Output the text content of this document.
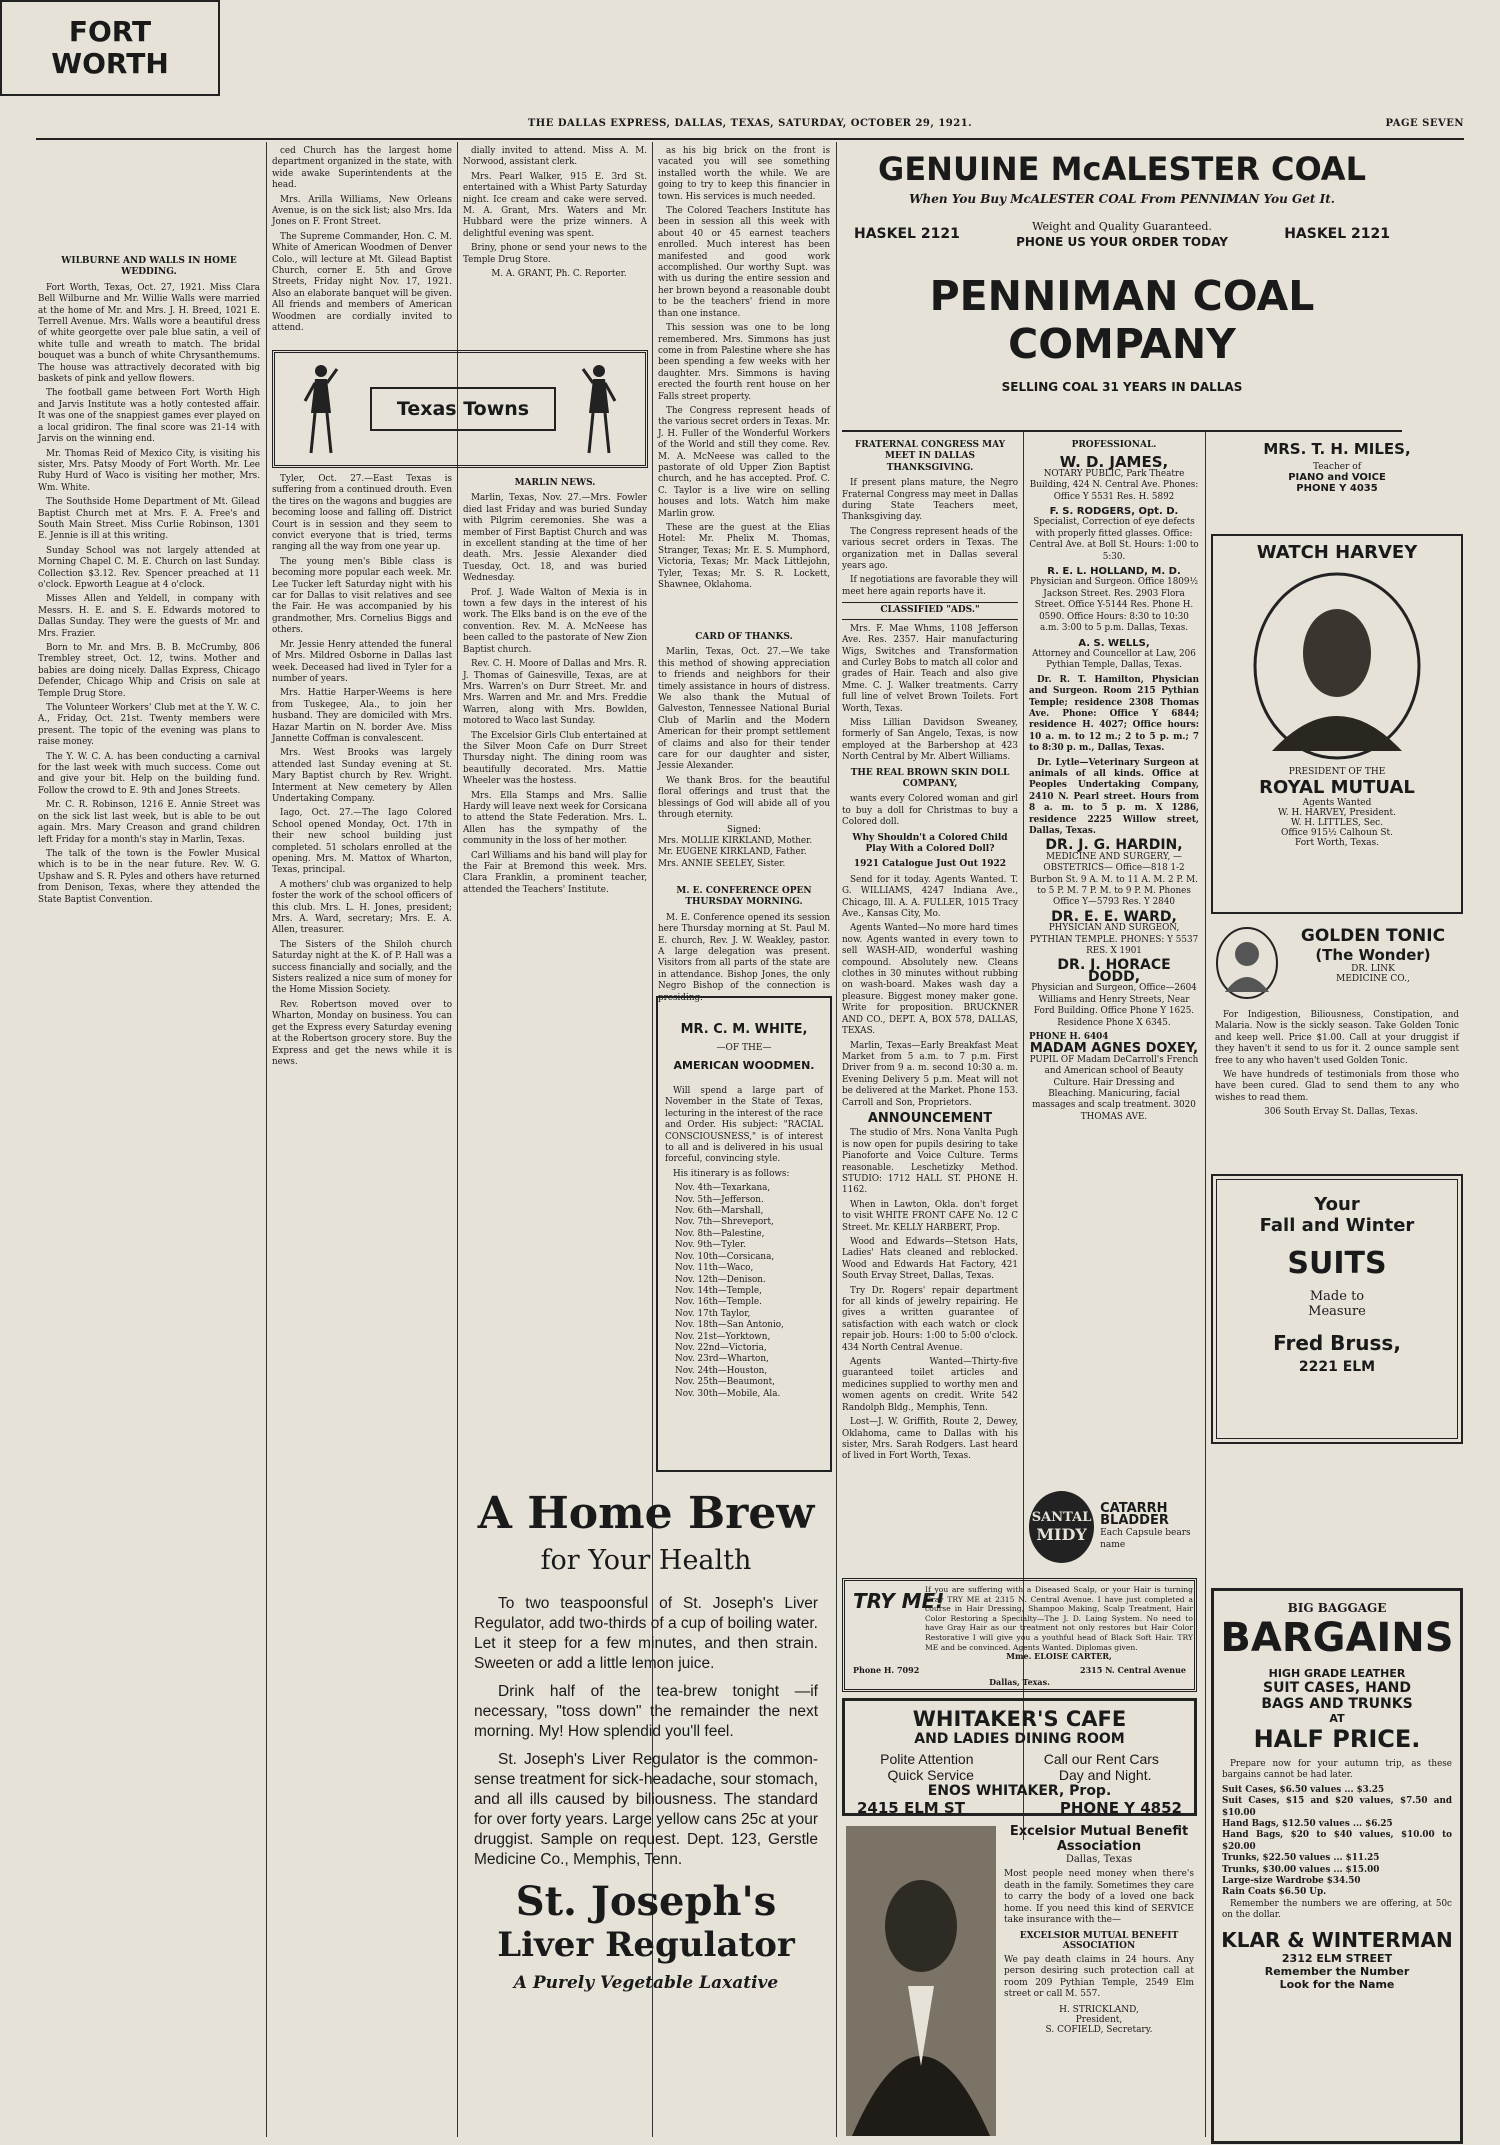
THE DALLAS EXPRESS, DALLAS, TEXAS, SATURDAY, OCTOBER 29, 1921.	PAGE SEVEN
FORT
WORTH
WILBURNE AND WALLS IN HOME WEDDING.

Fort Worth, Texas, Oct. 27, 1921. Miss Clara Bell Wilburne and Mr. Willie Walls were married at the home of Mr. and Mrs. J. H. Breed, 1021 E. Terrell Avenue. Mrs. Walls wore a beautiful dress of white georgette over pale blue satin, a veil of white tulle and wreath to match. The bridal bouquet was a bunch of white Chrysanthemums. The house was attractively decorated with big baskets of pink and yellow flowers.

The football game between Fort Worth High and Jarvis Institute was a hotly contested affair. It was one of the snappiest games ever played on a local gridiron. The final score was 21-14 with Jarvis on the winning end.

Mr. Thomas Reid of Mexico City, is visiting his sister, Mrs. Patsy Moody of Fort Worth. Mr. Lee Ruby Hurd of Waco is visiting her mother, Mrs. Wm. White.

The Southside Home Department of Mt. Gilead Baptist Church met at Mrs. F. A. Free's and South Main Street. Miss Curlie Robinson, 1301 E. Jennie is ill at this writing.

Sunday School was not largely attended at Morning Chapel C. M. E. Church on last Sunday. Collection $3.12. Rev. Spencer preached at 11 o'clock. Epworth League at 4 o'clock.

Misses Allen and Yeldell, in company with Messrs. H. E. and S. E. Edwards motored to Dallas Sunday. They were the guests of Mr. and Mrs. Frazier.

Born to Mr. and Mrs. B. B. McCrumby, 806 Trembley street, Oct. 12, twins. Mother and babies are doing nicely. Dallas Express, Chicago Defender, Chicago Whip and Crisis on sale at Temple Drug Store.

The Volunteer Workers' Club met at the Y. W. C. A., Friday, Oct. 21st. Twenty members were present. The topic of the evening was plans to raise money.

The Y. W. C. A. has been conducting a carnival for the last week with much success. Come out and give your bit. Help on the building fund. Follow the crowd to E. 9th and Jones Streets.

Mr. C. R. Robinson, 1216 E. Annie Street was on the sick list last week, but is able to be out again. Mrs. Mary Creason and grand children left Friday for a month's stay in Marlin, Texas.

The talk of the town is the Fowler Musical which is to be in the near future. Rev. W. G. Upshaw and S. R. Pyles and others have returned from Denison, Texas, where they attended the State Baptist Convention.

ced Church has the largest home department organized in the state, with wide awake Superintendents at the head.

Mrs. Arilla Williams, New Orleans Avenue, is on the sick list; also Mrs. Ida Jones on F. Front Street.

The Supreme Commander, Hon. C. M. White of American Woodmen of Denver Colo., will lecture at Mt. Gilead Baptist Church, corner E. 5th and Grove Streets, Friday night Nov. 17, 1921. Also an elaborate banquet will be given. All friends and members of American Woodmen are cordially invited to attend.

dially invited to attend. Miss A. M. Norwood, assistant clerk.

Mrs. Pearl Walker, 915 E. 3rd St. entertained with a Whist Party Saturday night. Ice cream and cake were served. M. A. Grant, Mrs. Waters and Mr. Hubbard were the prize winners. A delightful evening was spent.

Briny, phone or send your news to the Temple Drug Store.

M. A. GRANT, Ph. C. Reporter.

Texas Towns

Tyler, Oct. 27.—East Texas is suffering from a continued drouth. Even the tires on the wagons and buggies are becoming loose and falling off. District Court is in session and they seem to convict everyone that is tried, terms ranging all the way from one year up.

The young men's Bible class is becoming more popular each week. Mr. Lee Tucker left Saturday night with his car for Dallas to visit relatives and see the Fair. He was accompanied by his grandmother, Mrs. Cornelius Biggs and others.

Mr. Jessie Henry attended the funeral of Mrs. Mildred Osborne in Dallas last week. Deceased had lived in Tyler for a number of years.

Mrs. Hattie Harper-Weems is here from Tuskegee, Ala., to join her husband. They are domiciled with Mrs. Hazar Martin on N. border Ave. Miss Jannette Coffman is convalescent.

Mrs. West Brooks was largely attended last Sunday evening at St. Mary Baptist church by Rev. Wright. Interment at New cemetery by Allen Undertaking Company.

Iago, Oct. 27.—The Iago Colored School opened Monday, Oct. 17th in their new school building just completed. 51 scholars enrolled at the opening. Mrs. M. Mattox of Wharton, Texas, principal.

A mothers' club was organized to help foster the work of the school officers of this club. Mrs. L. H. Jones, president; Mrs. A. Ward, secretary; Mrs. E. A. Allen, treasurer.

The Sisters of the Shiloh church Saturday night at the K. of P. Hall was a success financially and socially, and the Sisters realized a nice sum of money for the Home Mission Society.

Rev. Robertson moved over to Wharton, Monday on business. You can get the Express every Saturday evening at the Robertson grocery store. Buy the Express and get the news while it is news.

MARLIN NEWS.

Marlin, Texas, Nov. 27.—Mrs. Fowler died last Friday and was buried Sunday with Pilgrim ceremonies. She was a member of First Baptist Church and was in excellent standing at the time of her death. Mrs. Jessie Alexander died Tuesday, Oct. 18, and was buried Wednesday.

Prof. J. Wade Walton of Mexia is in town a few days in the interest of his work. The Elks band is on the eve of the convention. Rev. M. A. McNeese has been called to the pastorate of New Zion Baptist church.

Rev. C. H. Moore of Dallas and Mrs. R. J. Thomas of Gainesville, Texas, are at Mrs. Warren's on Durr Street. Mr. and Mrs. Warren and Mr. and Mrs. Freddie Warren, along with Mrs. Bowlden, motored to Waco last Sunday.

The Excelsior Girls Club entertained at the Silver Moon Cafe on Durr Street Thursday night. The dining room was beautifully decorated. Mrs. Mattie Wheeler was the hostess.

Mrs. Ella Stamps and Mrs. Sallie Hardy will leave next week for Corsicana to attend the State Federation. Mrs. L. Allen has the sympathy of the community in the loss of her mother.

Carl Williams and his band will play for the Fair at Bremond this week. Mrs. Clara Franklin, a prominent teacher, attended the Teachers' Institute.

as his big brick on the front is vacated you will see something installed worth the while. We are going to try to keep this financier in town. His services is much needed.

The Colored Teachers Institute has been in session all this week with about 40 or 45 earnest teachers enrolled. Much interest has been manifested and good work accomplished. Our worthy Supt. was with us during the entire session and her brown beyond a reasonable doubt to be the teachers' friend in more than one instance.

This session was one to be long remembered. Mrs. Simmons has just come in from Palestine where she has been spending a few weeks with her daughter. Mrs. Simmons is having erected the fourth rent house on her Falls street property.

The Congress represent heads of the various secret orders in Texas. Mr. J. H. Fuller of the Wonderful Workers of the World and still they come. Rev. M. A. McNeese was called to the pastorate of old Upper Zion Baptist church, and he has accepted. Prof. C. C. Taylor is a live wire on selling houses and lots. Watch him make Marlin grow.

These are the guest at the Elias Hotel: Mr. Phelix M. Thomas, Stranger, Texas; Mr. E. S. Mumphord, Victoria, Texas; Mr. Mack Littlejohn, Tyler, Texas; Mr. S. R. Lockett, Shawnee, Oklahoma.

CARD OF THANKS.

Marlin, Texas, Oct. 27.—We take this method of showing appreciation to friends and neighbors for their timely assistance in hours of distress. We also thank the Mutual of Galveston, Tennessee National Burial Club of Marlin and the Modern American for their prompt settlement of claims and also for their tender care for our daughter and sister, Jessie Alexander.

We thank Bros. for the beautiful floral offerings and trust that the blessings of God will abide all of you through eternity.

Signed:
Mrs. MOLLIE KIRKLAND, Mother.
Mr. EUGENE KIRKLAND, Father.
Mrs. ANNIE SEELEY, Sister.
M. E. CONFERENCE OPEN THURSDAY MORNING.

M. E. Conference opened its session here Thursday morning at St. Paul M. E. church, Rev. J. W. Weakley, pastor. A large delegation was present. Visitors from all parts of the state are in attendance. Bishop Jones, the only Negro Bishop of the connection is presiding.

MR. C. M. WHITE,
—OF THE—
AMERICAN WOODMEN.

Will spend a large part of November in the State of Texas, lecturing in the interest of the race and Order. His subject: "RACIAL CONSCIOUSNESS," is of interest to all and is delivered in his usual forceful, convincing style.

His itinerary is as follows:

Nov. 4th—Texarkana,
Nov. 5th—Jefferson.
Nov. 6th—Marshall,
Nov. 7th—Shreveport,
Nov. 8th—Palestine,
Nov. 9th—Tyler.
Nov. 10th—Corsicana,
Nov. 11th—Waco,
Nov. 12th—Denison.
Nov. 14th—Temple,
Nov. 16th—Temple.
Nov. 17th Taylor,
Nov. 18th—San Antonio,
Nov. 21st—Yorktown,
Nov. 22nd—Victoria,
Nov. 23rd—Wharton,
Nov. 24th—Houston,
Nov. 25th—Beaumont,
Nov. 30th—Mobile, Ala.
A Home Brew
for Your Health

To two teaspoonsful of St. Joseph's Liver Regulator, add two-thirds of a cup of boiling water. Let it steep for a few minutes, and then strain. Sweeten or add a little lemon juice.

Drink half of the tea-brew tonight —if necessary, "toss down" the remainder the next morning. My! How splendid you'll feel.

St. Joseph's Liver Regulator is the common-sense treatment for sick-headache, sour stomach, and all ills caused by biliousness. The standard for over forty years. Large yellow cans 25c at your druggist. Sample on request. Dept. 123, Gerstle Medicine Co., Memphis, Tenn.

St. Joseph's
Liver Regulator
A Purely Vegetable Laxative
GENUINE McALESTER COAL
When You Buy McALESTER COAL From PENNIMAN You Get It.
HASKEL 2121	Weight and Quality Guaranteed.
PHONE US YOUR ORDER TODAY	HASKEL 2121
PENNIMAN COAL COMPANY
SELLING COAL 31 YEARS IN DALLAS
FRATERNAL CONGRESS MAY MEET IN DALLAS THANKSGIVING.

If present plans mature, the Negro Fraternal Congress may meet in Dallas during State Teachers meet, Thanksgiving day.

The Congress represent heads of the various secret orders in Texas. The organization met in Dallas several years ago.

If negotiations are favorable they will meet here again reports have it.

CLASSIFIED "ADS."

Mrs. F. Mae Whms, 1108 Jefferson Ave. Res. 2357. Hair manufacturing Wigs, Switches and Transformation and Curley Bobs to match all color and grades of Hair. Teach and also give Mme. C. J. Walker treatments. Carry full line of velvet Brown Toilets. Fort Worth, Texas.

Miss Lillian Davidson Sweaney, formerly of San Angelo, Texas, is now employed at the Barbershop at 423 North Central by Mr. Albert Williams.

THE REAL BROWN SKIN DOLL COMPANY,

wants every Colored woman and girl to buy a doll for Christmas to buy a Colored doll.

Why Shouldn't a Colored Child Play With a Colored Doll?
1921 Catalogue Just Out 1922

Send for it today. Agents Wanted. T. G. WILLIAMS, 4247 Indiana Ave., Chicago, Ill. A. A. FULLER, 1015 Tracy Ave., Kansas City, Mo.

Agents Wanted—No more hard times now. Agents wanted in every town to sell WASH-AID, wonderful washing compound. Absolutely new. Cleans clothes in 30 minutes without rubbing on wash-board. Makes wash day a pleasure. Biggest money maker gone. Write for proposition. BRUCKNER AND CO., DEPT. A, BOX 578, DALLAS, TEXAS.

Marlin, Texas—Early Breakfast Meat Market from 5 a.m. to 7 p.m. First Driver from 9 a. m. second 10:30 a. m. Evening Delivery 5 p.m. Meat will not be delivered at the Market. Phone 153. Carroll and Son, Proprietors.

ANNOUNCEMENT

The studio of Mrs. Nona Vanlta Pugh is now open for pupils desiring to take Pianoforte and Voice Culture. Terms reasonable. Leschetizky Method. STUDIO: 1712 HALL ST. PHONE H. 1162.

When in Lawton, Okla. don't forget to visit WHITE FRONT CAFE No. 12 C Street. Mr. KELLY HARBERT, Prop.

Wood and Edwards—Stetson Hats, Ladies' Hats cleaned and reblocked. Wood and Edwards Hat Factory, 421 South Ervay Street, Dallas, Texas.

Try Dr. Rogers' repair department for all kinds of jewelry repairing. He gives a written guarantee of satisfaction with each watch or clock repair job. Hours: 1:00 to 5:00 o'clock. 434 North Central Avenue.

Agents Wanted—Thirty-five guaranteed toilet articles and medicines supplied to worthy men and women agents on credit. Write 542 Randolph Bldg., Memphis, Tenn.

Lost—J. W. Griffith, Route 2, Dewey, Oklahoma, came to Dallas with his sister, Mrs. Sarah Rodgers. Last heard of lived in Fort Worth, Texas.

PROFESSIONAL.
W. D. JAMES,

NOTARY PUBLIC, Park Theatre Building, 424 N. Central Ave. Phones: Office Y 5531 Res. H. 5892

F. S. RODGERS, Opt. D.

Specialist, Correction of eye defects with properly fitted glasses. Office: Central Ave. at Boll St. Hours: 1:00 to 5:30.

R. E. L. HOLLAND, M. D.

Physician and Surgeon. Office 1809½ Jackson Street. Res. 2903 Flora Street. Office Y-5144 Res. Phone H. 0590. Office Hours: 8:30 to 10:30 a.m. 3:00 to 5 p.m. Dallas, Texas.

A. S. WELLS,

Attorney and Councellor at Law, 206 Pythian Temple, Dallas, Texas.

Dr. R. T. Hamilton, Physician and Surgeon. Room 215 Pythian Temple; residence 2308 Thomas Ave. Phone: Office Y 6844; residence H. 4027; Office hours: 10 a. m. to 12 m.; 2 to 5 p. m.; 7 to 8:30 p. m., Dallas, Texas.

Dr. Lytle—Veterinary Surgeon at animals of all kinds. Office at Peoples Undertaking Company, 2410 N. Pearl street. Hours from 8 a. m. to 5 p. m. X 1286, residence 2225 Willow street, Dallas, Texas.

DR. J. G. HARDIN,

MEDICINE AND SURGERY, —OBSTETRICS— Office—818 1-2 Burbon St. 9 A. M. to 11 A. M. 2 P. M. to 5 P. M. 7 P. M. to 9 P. M. Phones Office Y—5793 Res. Y 2840

DR. E. E. WARD,

PHYSICIAN AND SURGEON, PYTHIAN TEMPLE. PHONES: Y 5537 RES. X 1901

DR. J. HORACE DODD,

Physician and Surgeon, Office—2604 Williams and Henry Streets, Near Ford Building. Office Phone Y 1625. Residence Phone X 6345.

PHONE H. 6404
MADAM AGNES DOXEY,

PUPIL OF Madam DeCarroll's French and American school of Beauty Culture. Hair Dressing and Bleaching. Manicuring, facial massages and scalp treatment. 3020 THOMAS AVE.

SANTAL
MIDY
CATARRH
BLADDER
Each Capsule bears name
MRS. T. H. MILES,
Teacher of
PIANO and VOICE
PHONE Y 4035
WATCH HARVEY
PRESIDENT OF THE
ROYAL MUTUAL
Agents Wanted
W. H. HARVEY, President.
W. H. LITTLES, Sec.
Office 915½ Calhoun St.
Fort Worth, Texas.
GOLDEN TONIC
(The Wonder)
DR. LINK
MEDICINE CO.,

For Indigestion, Biliousness, Constipation, and Malaria. Now is the sickly season. Take Golden Tonic and keep well. Price $1.00. Call at your druggist if they haven't it send to us for it. 2 ounce sample sent free to any who haven't used Golden Tonic.

We have hundreds of testimonials from those who have been cured. Glad to send them to any who wishes to read them.

306 South Ervay St. Dallas, Texas.

Your
Fall and Winter
SUITS
Made to
Measure
Fred Bruss,
2221 ELM
BIG BAGGAGE
BARGAINS
HIGH GRADE LEATHER
SUIT CASES, HAND
BAGS AND TRUNKS
AT
HALF PRICE.

Prepare now for your autumn trip, as these bargains cannot be had later.

Suit Cases, $6.50 values ... $3.25
Suit Cases, $15 and $20 values, $7.50 and $10.00
Hand Bags, $12.50 values ... $6.25
Hand Bags, $20 to $40 values, $10.00 to $20.00
Trunks, $22.50 values ... $11.25
Trunks, $30.00 values ... $15.00
Large-size Wardrobe $34.50
Rain Coats $6.50 Up.

Remember the numbers we are offering, at 50c on the dollar.

KLAR & WINTERMAN
2312 ELM STREET
Remember the Number
Look for the Name
TRY ME!
If you are suffering with a Diseased Scalp, or your Hair is turning Gray TRY ME at 2315 N. Central Avenue. I have just completed a course in Hair Dressing, Shampoo Making, Scalp Treatment, Hair Color Restoring a Specialty—The J. D. Laing System. No need to have Gray Hair as our treatment not only restores but Hair Color Restorative I will give you a youthful head of Black Soft Hair. TRY ME and be convinced. Agents Wanted. Diplomas given.
Mme. ELOISE CARTER,
Phone H. 7092	2315 N. Central Avenue
Dallas, Texas.
WHITAKER'S CAFE
AND LADIES DINING ROOM
Polite Attention	Call our Rent Cars
Quick Service	Day and Night.
ENOS WHITAKER, Prop.
2415 ELM ST	PHONE Y 4852
Excelsior Mutual Benefit
Association
Dallas, Texas

Most people need money when there's death in the family. Sometimes they care to carry the body of a loved one back home. If you need this kind of SERVICE take insurance with the—

EXCELSIOR MUTUAL BENEFIT ASSOCIATION

We pay death claims in 24 hours. Any person desiring such protection call at room 209 Pythian Temple, 2549 Elm street or call M. 557.

H. STRICKLAND,
President,
S. COFIELD, Secretary.
